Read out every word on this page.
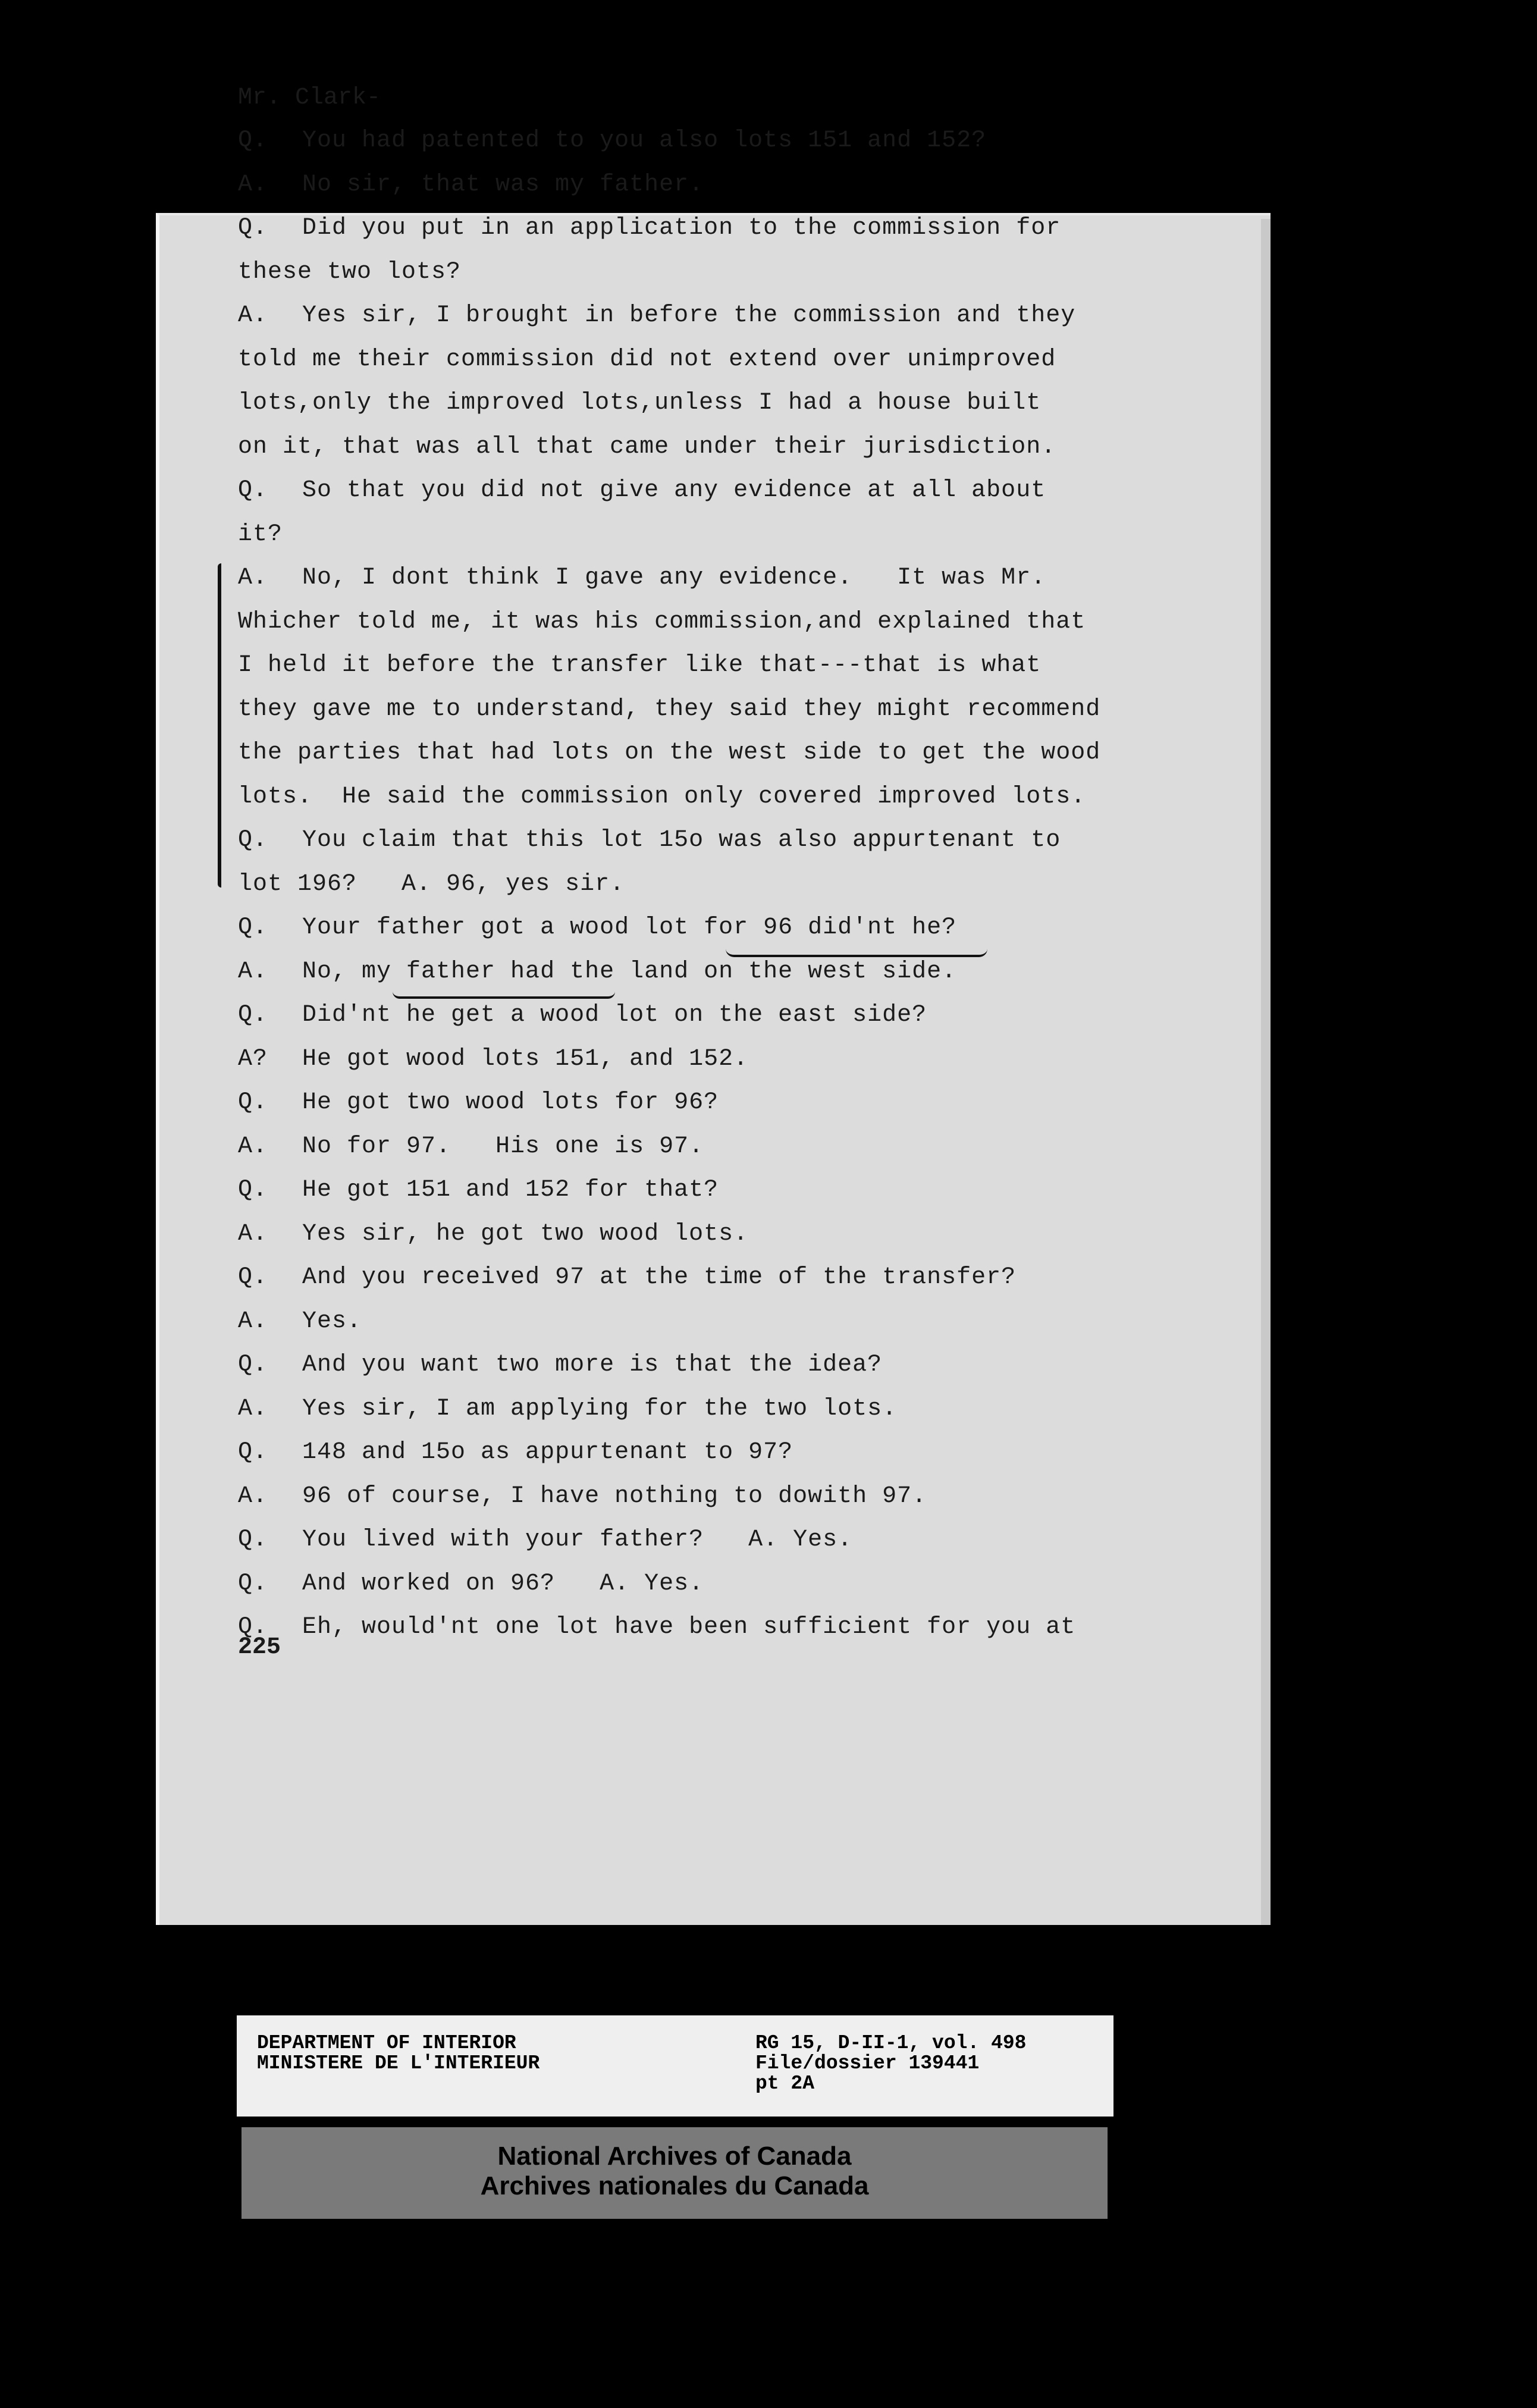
Mr. Clark-
Q. You had patented to you also lots 151 and 152?
A. No sir, that was my father.
Q. Did you put in an application to the commission for
these two lots?
A. Yes sir, I brought in before the commission and they
told me their commission did not extend over unimproved
lots,only the improved lots,unless I had a house built
on it, that was all that came under their jurisdiction.
Q. So that you did not give any evidence at all about
it?
A. No, I dont think I gave any evidence.   It was Mr.
Whicher told me, it was his commission,and explained that
I held it before the transfer like that---that is what
they gave me to understand, they said they might recommend
the parties that had lots on the west side to get the wood
lots.  He said the commission only covered improved lots.
Q. You claim that this lot 15o was also appurtenant to
lot 196?   A. 96, yes sir.
Q. Your father got a wood lot for 96 did'nt he?
A. No, my father had the land on the west side.
Q. Did'nt he get a wood lot on the east side?
A? He got wood lots 151, and 152.
Q. He got two wood lots for 96?
A. No for 97.   His one is 97.
Q. He got 151 and 152 for that?
A. Yes sir, he got two wood lots.
Q. And you received 97 at the time of the transfer?
A. Yes.
Q. And you want two more is that the idea?
A. Yes sir, I am applying for the two lots.
Q. 148 and 15o as appurtenant to 97?
A. 96 of course, I have nothing to dowith 97.
Q. You lived with your father?   A. Yes.
Q. And worked on 96?   A. Yes.
Q. Eh, would'nt one lot have been sufficient for you at
225
DEPARTMENT OF INTERIOR
MINISTERE DE L'INTERIEUR
RG 15, D-II-1, vol. 498
File/dossier 139441
pt 2A
National Archives of Canada
Archives nationales du Canada
